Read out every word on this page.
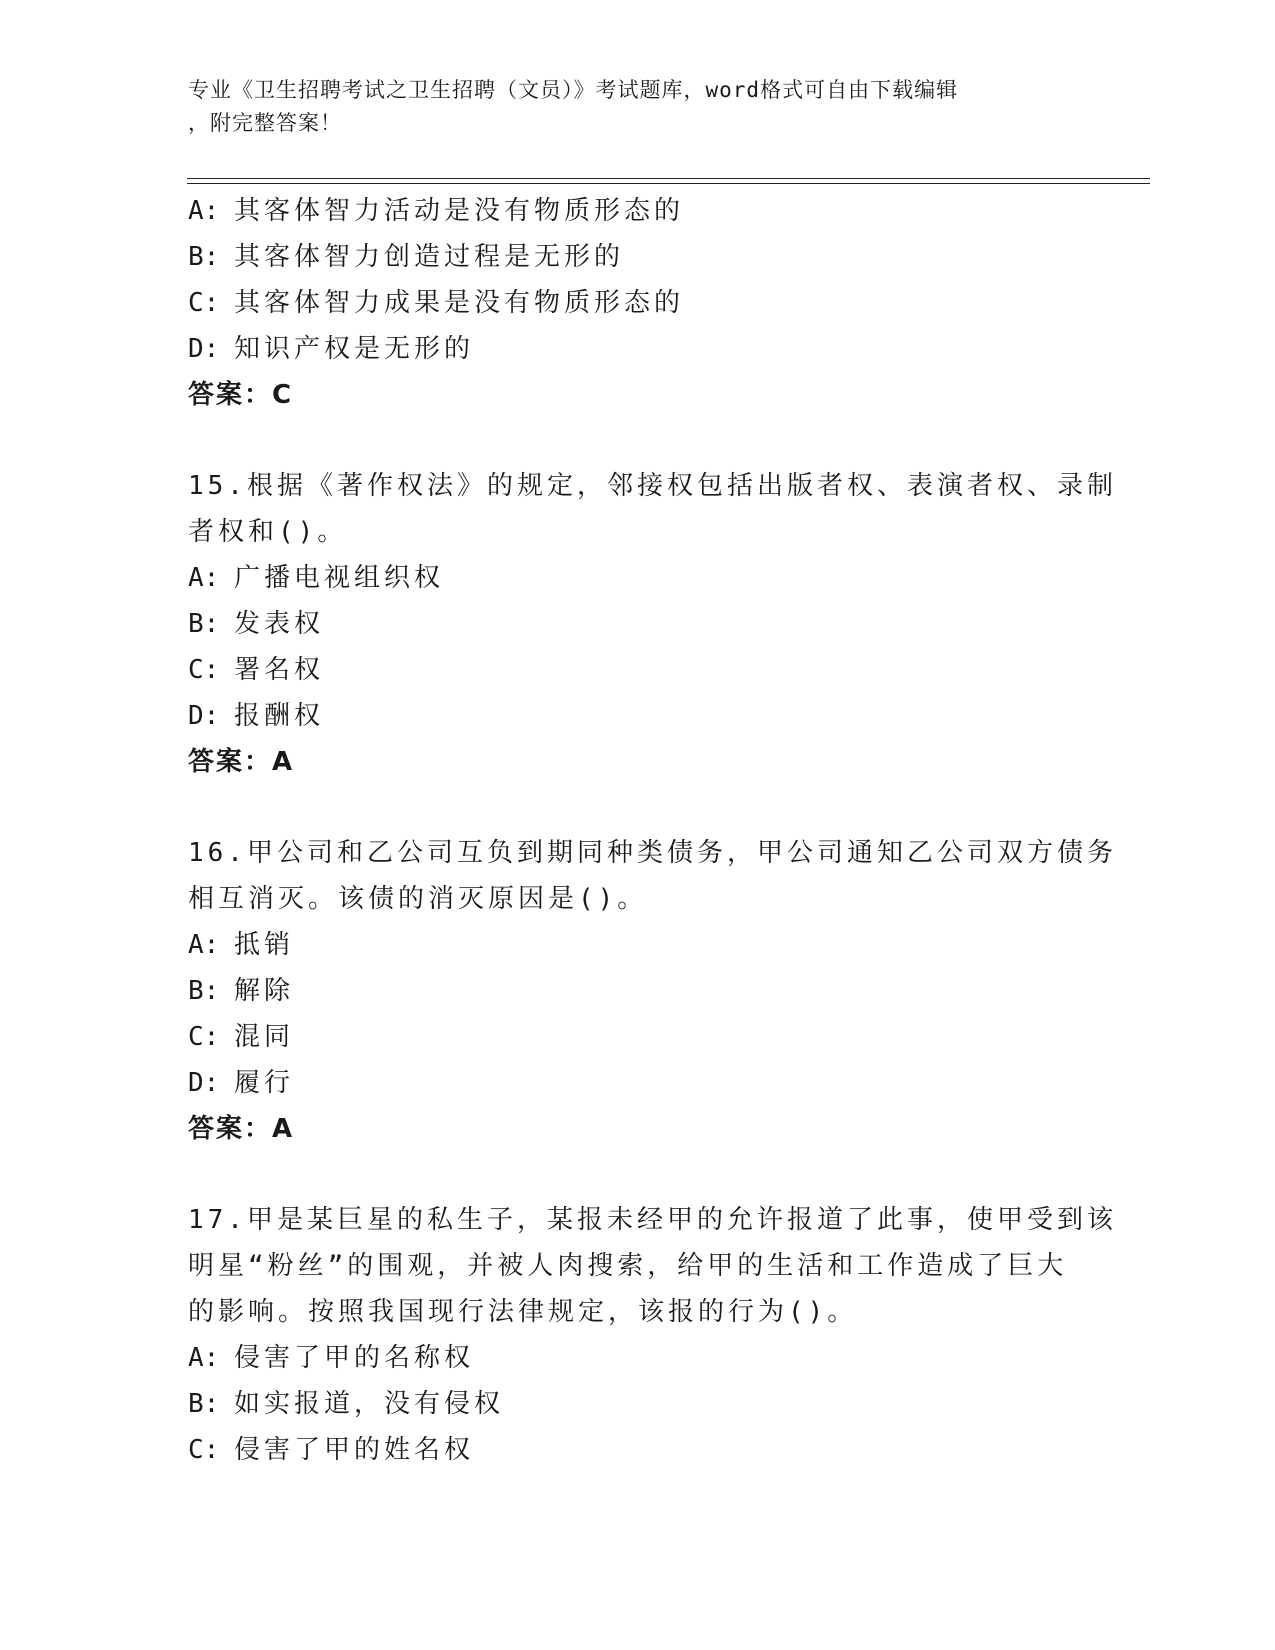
专业《卫生招聘考试之卫生招聘（文员）》考试题库，word格式可自由下载编辑
，附完整答案！
A: 其客体智力活动是没有物质形态的
B: 其客体智力创造过程是无形的
C: 其客体智力成果是没有物质形态的
D: 知识产权是无形的
答案：C
15.根据《著作权法》的规定，邻接权包括出版者权、表演者权、录制
者权和()。
A: 广播电视组织权
B: 发表权
C: 署名权
D: 报酬权
答案：A
16.甲公司和乙公司互负到期同种类债务，甲公司通知乙公司双方债务
相互消灭。该债的消灭原因是()。
A: 抵销
B: 解除
C: 混同
D: 履行
答案：A
17.甲是某巨星的私生子，某报未经甲的允许报道了此事，使甲受到该
明星“粉丝”的围观，并被人肉搜索，给甲的生活和工作造成了巨大
的影响。按照我国现行法律规定，该报的行为()。
A: 侵害了甲的名称权
B: 如实报道，没有侵权
C: 侵害了甲的姓名权
